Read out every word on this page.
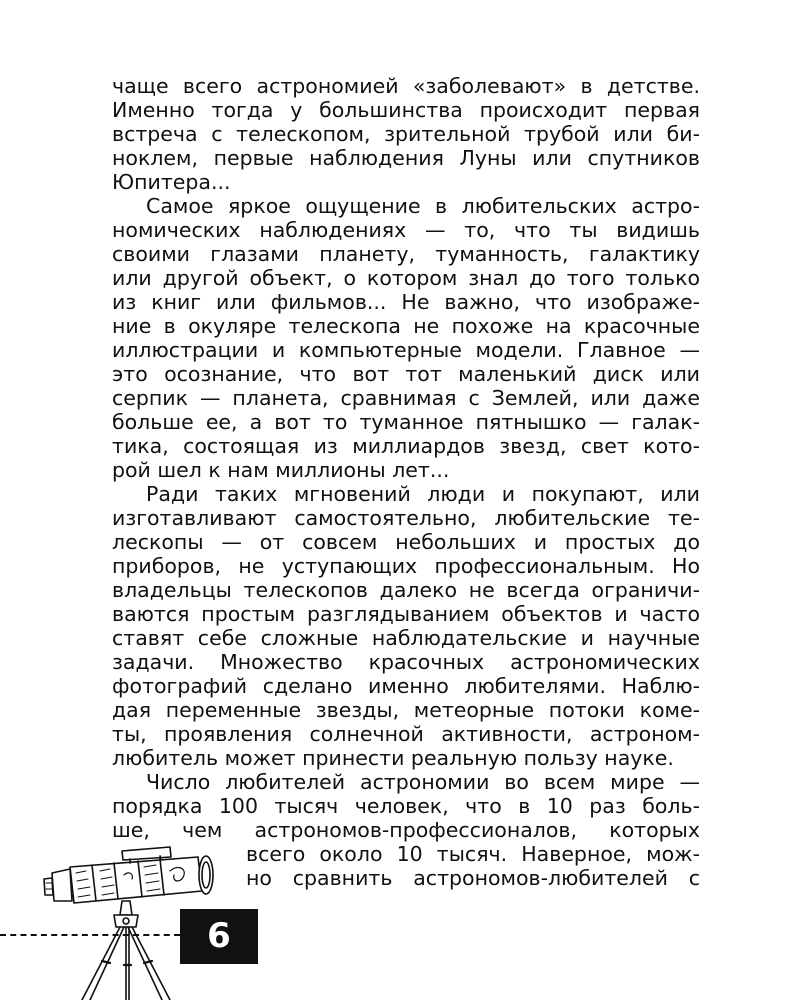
чаще всего астрономией «заболевают» в детстве.
Именно тогда у большинства происходит первая
встреча с телескопом, зрительной трубой или би-
ноклем, первые наблюдения Луны или спутников
Юпитера...
Самое яркое ощущение в любительских астро-
номических наблюдениях — то, что ты видишь
своими глазами планету, туманность, галактику
или другой объект, о котором знал до того только
из книг или фильмов... Не важно, что изображе-
ние в окуляре телескопа не похоже на красочные
иллюстрации и компьютерные модели. Главное —
это осознание, что вот тот маленький диск или
серпик — планета, сравнимая с Землей, или даже
больше ее, а вот то туманное пятнышко — галак-
тика, состоящая из миллиардов звезд, свет кото-
рой шел к нам миллионы лет...
Ради таких мгновений люди и покупают, или
изготавливают самостоятельно, любительские те-
лескопы — от совсем небольших и простых до
приборов, не уступающих профессиональным. Но
владельцы телескопов далеко не всегда ограничи-
ваются простым разглядыванием объектов и часто
ставят себе сложные наблюдательские и научные
задачи. Множество красочных астрономических
фотографий сделано именно любителями. Наблю-
дая переменные звезды, метеорные потоки коме-
ты, проявления солнечной активности, астроном-
любитель может принести реальную пользу науке.
Число любителей астрономии во всем мире —
порядка 100 тысяч человек, что в 10 раз боль-
ше, чем астрономов-профессионалов, которых
всего около 10 тысяч. Наверное, мож-
но сравнить астрономов-любителей с
6
